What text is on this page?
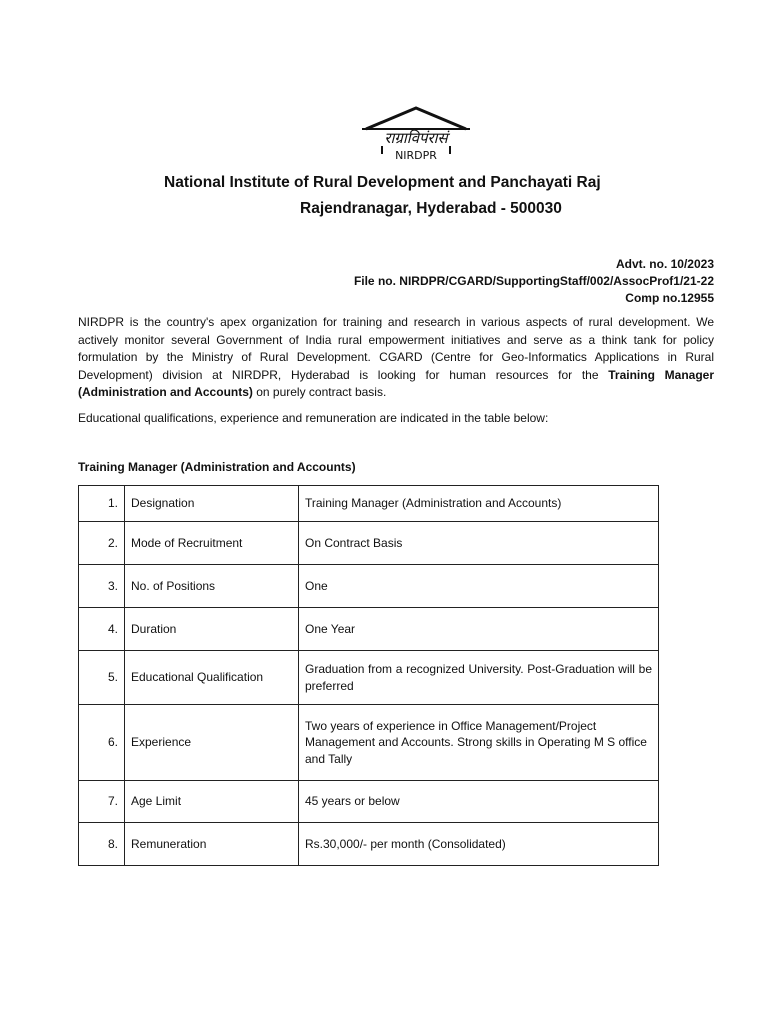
राग्राविपंरासं
NIRDPR
National Institute of Rural Development and Panchayati Raj
Rajendranagar, Hyderabad - 500030
Advt. no. 10/2023
File no. NIRDPR/CGARD/SupportingStaff/002/AssocProf1/21-22
Comp no.12955
NIRDPR is the country's apex organization for training and research in various aspects of rural development. We actively monitor several Government of India rural empowerment initiatives and serve as a think tank for policy formulation by the Ministry of Rural Development. CGARD (Centre for Geo-Informatics Applications in Rural Development) division at NIRDPR, Hyderabad is looking for human resources for the Training Manager (Administration and Accounts) on purely contract basis.
Educational qualifications, experience and remuneration are indicated in the table below:
Training Manager (Administration and Accounts)
1.	Designation	Training Manager (Administration and Accounts)
2.	Mode of Recruitment	On Contract Basis
3.	No. of Positions	One
4.	Duration	One Year
5.	Educational Qualification	Graduation from a recognized University. Post-Graduation will be preferred
6.	Experience	Two years of experience in Office Management/Project Management and Accounts. Strong skills in Operating M S office and Tally
7.	Age Limit	45 years or below
8.	Remuneration	Rs.30,000/- per month (Consolidated)
